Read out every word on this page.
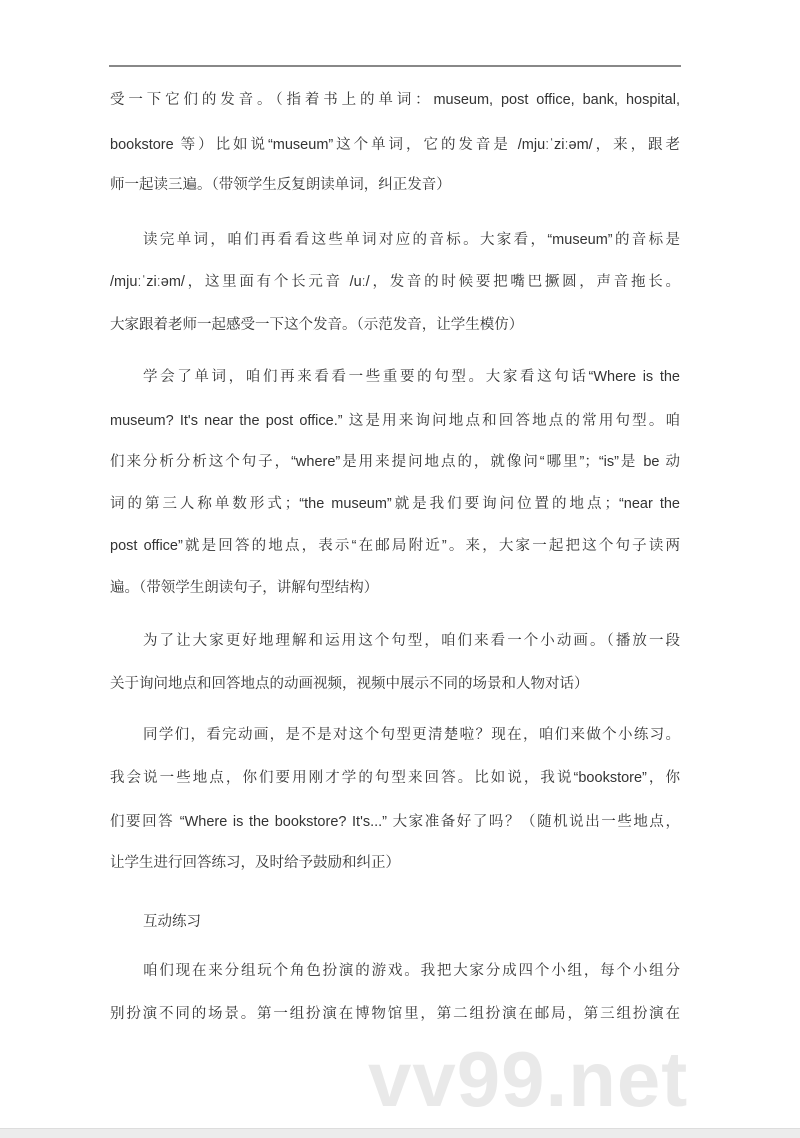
受一下它们的发音。（指着书上的单词：museum, post office, bank, hospital,
bookstore 等）比如说“museum”这个单词，它的发音是 /mjuːˈziːəm/，来，跟老
师一起读三遍。（带领学生反复朗读单词，纠正发音）
读完单词，咱们再看看这些单词对应的音标。大家看，“museum”的音标是
/mjuːˈziːəm/，这里面有个长元音 /uː/，发音的时候要把嘴巴撅圆，声音拖长。
大家跟着老师一起感受一下这个发音。（示范发音，让学生模仿）
学会了单词，咱们再来看看一些重要的句型。大家看这句话“Where is the
museum? It's near the post office.” 这是用来询问地点和回答地点的常用句型。咱
们来分析分析这个句子，“where”是用来提问地点的，就像问“哪里”；“is”是 be 动
词的第三人称单数形式；“the museum”就是我们要询问位置的地点；“near the
post office”就是回答的地点，表示“在邮局附近”。来，大家一起把这个句子读两
遍。（带领学生朗读句子，讲解句型结构）
为了让大家更好地理解和运用这个句型，咱们来看一个小动画。（播放一段
关于询问地点和回答地点的动画视频，视频中展示不同的场景和人物对话）
同学们，看完动画，是不是对这个句型更清楚啦？现在，咱们来做个小练习。
我会说一些地点，你们要用刚才学的句型来回答。比如说，我说“bookstore”，你
们要回答 “Where is the bookstore? It's...” 大家准备好了吗？（随机说出一些地点，
让学生进行回答练习，及时给予鼓励和纠正）
互动练习
咱们现在来分组玩个角色扮演的游戏。我把大家分成四个小组，每个小组分
别扮演不同的场景。第一组扮演在博物馆里，第二组扮演在邮局，第三组扮演在
vv99.net
